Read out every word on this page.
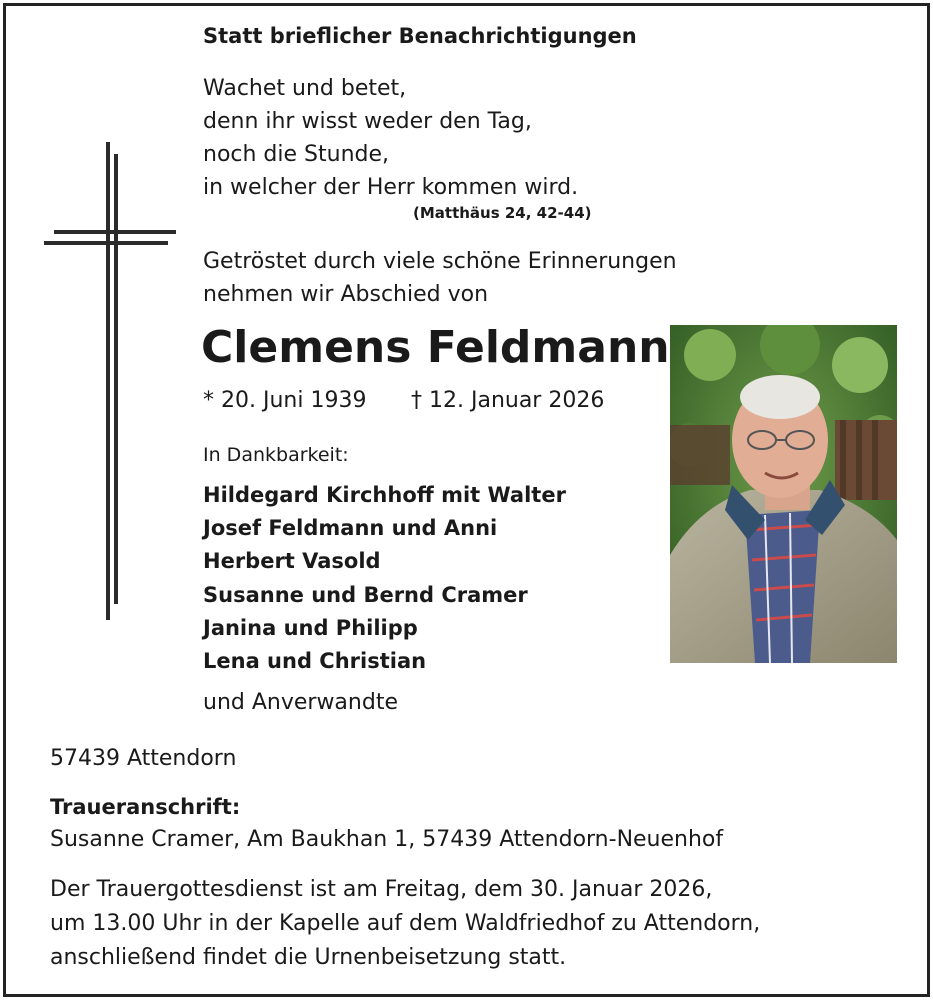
Statt brieflicher Benachrichtigungen
Wachet und betet,
denn ihr wisst weder den Tag,
noch die Stunde,
in welcher der Herr kommen wird.
(Matthäus 24, 42-44)
Getröstet durch viele schöne Erinnerungen
nehmen wir Abschied von
Clemens Feldmann
* 20. Juni 1939 † 12. Januar 2026
In Dankbarkeit:
Hildegard Kirchhoff mit Walter
Josef Feldmann und Anni
Herbert Vasold
Susanne und Bernd Cramer
Janina und Philipp
Lena und Christian
und Anverwandte
57439 Attendorn
Traueranschrift:
Susanne Cramer, Am Baukhan 1, 57439 Attendorn-Neuenhof
Der Trauergottesdienst ist am Freitag, dem 30. Januar 2026,
um 13.00 Uhr in der Kapelle auf dem Waldfriedhof zu Attendorn,
anschließend findet die Urnenbeisetzung statt.
